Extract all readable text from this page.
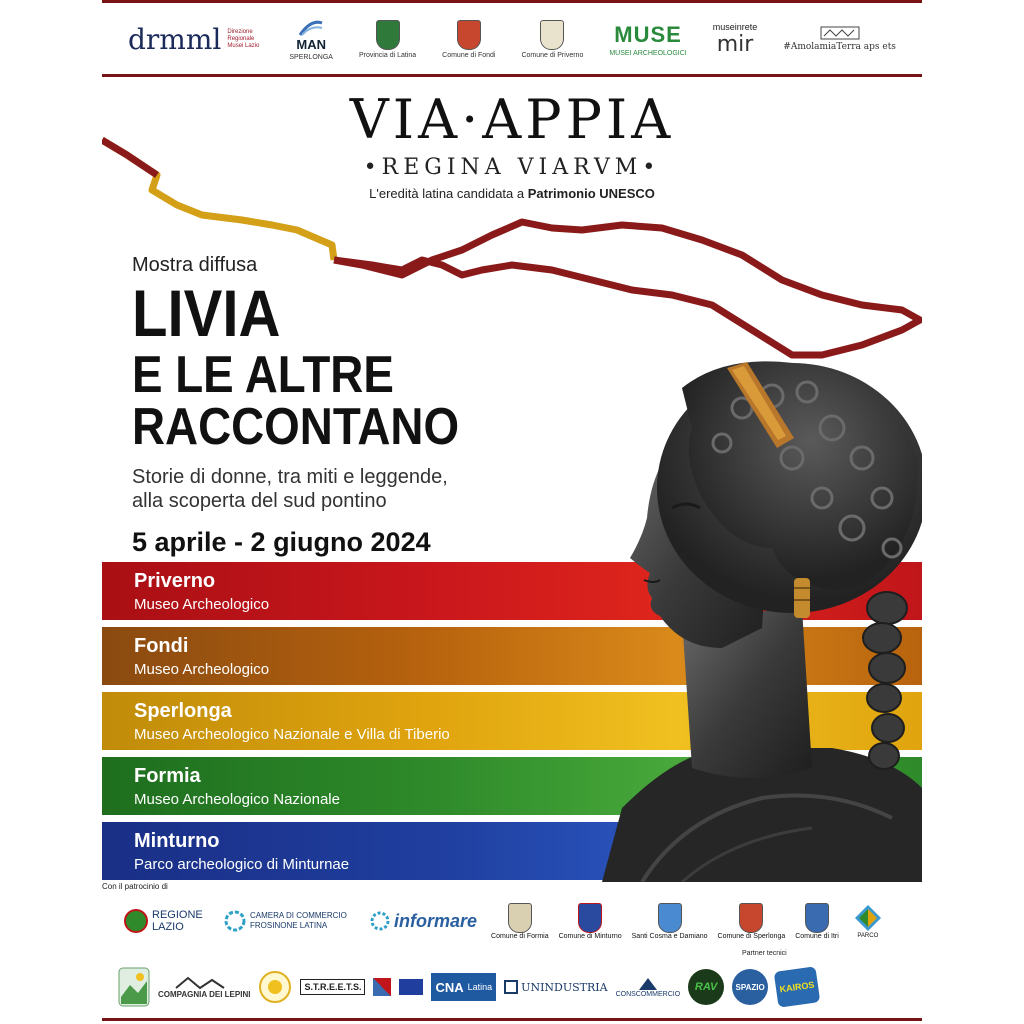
drmml Direzione Regionale Musei Lazio	MAN
SPERLONGA	Provincia di Latina	Comune di Fondi	Comune di Priverno
MUSE
MUSEI ARCHEOLOGICI
museinrete
mir	#AmolamiaTerra aps ets
VIA·APPIA
•REGINA VIARVM•
L'eredità latina candidata a Patrimonio UNESCO
Priverno
Museo Archeologico
Fondi
Museo Archeologico
Sperlonga
Museo Archeologico Nazionale e Villa di Tiberio
Formia
Museo Archeologico Nazionale
Minturno
Parco archeologico di Minturnae
Mostra diffusa
LIVIA
E LE ALTRE
RACCONTANO
Storie di donne, tra miti e leggende,
alla scoperta del sud pontino
5 aprile - 2 giugno 2024
Con il patrocinio di
REGIONE LAZIO
CAMERA DI COMMERCIO FROSINONE LATINA	informare
Comune di Formia Comune di Minturno Santi Cosma e Damiano Comune di Sperlonga Comune di Itri	PARCO
Partner tecnici
COMPAGNIA DEI LEPINI
S.T.R.E.E.T.S.	CNA Latina	UNINDUSTRIA
CONSCOMMERCIO
RAV SPAZIO KAIROS
